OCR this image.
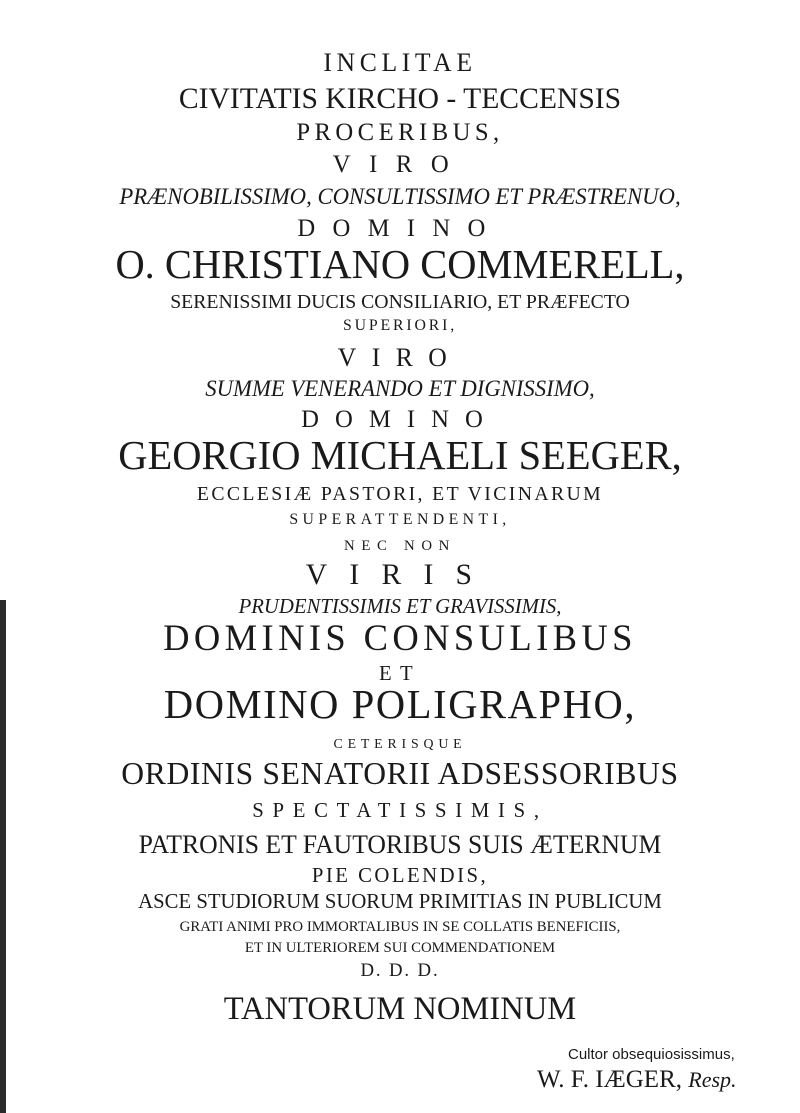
INCLITAE
CIVITATIS KIRCHO - TECCENSIS
PROCERIBUS,
VIRO
PRÆNOBILISSIMO, CONSULTISSIMO ET PRÆSTRENUO,
DOMINO
O. CHRISTIANO COMMERELL,
SERENISSIMI DUCIS CONSILIARIO, ET PRÆFECTO
SUPERIORI,
VIRO
SUMME VENERANDO ET DIGNISSIMO,
DOMINO
GEORGIO MICHAELI SEEGER,
ECCLESIÆ PASTORI, ET VICINARUM
SUPERATTENDENTI,
NEC NON
VIRIS
PRUDENTISSIMIS ET GRAVISSIMIS,
DOMINIS CONSULIBUS
ET
DOMINO POLIGRAPHO,
CETERISQUE
ORDINIS SENATORII ADSESSORIBUS
SPECTATISSIMIS,
PATRONIS ET FAUTORIBUS SUIS ÆTERNUM
PIE COLENDIS,
ASCE STUDIORUM SUORUM PRIMITIAS IN PUBLICUM
GRATI ANIMI PRO IMMORTALIBUS IN SE COLLATIS BENEFICIIS,
ET IN ULTERIOREM SUI COMMENDATIONEM
D. D. D.
TANTORUM NOMINUM
Cultor obsequiosissimus,
W. F. IÆGER, Resp.
